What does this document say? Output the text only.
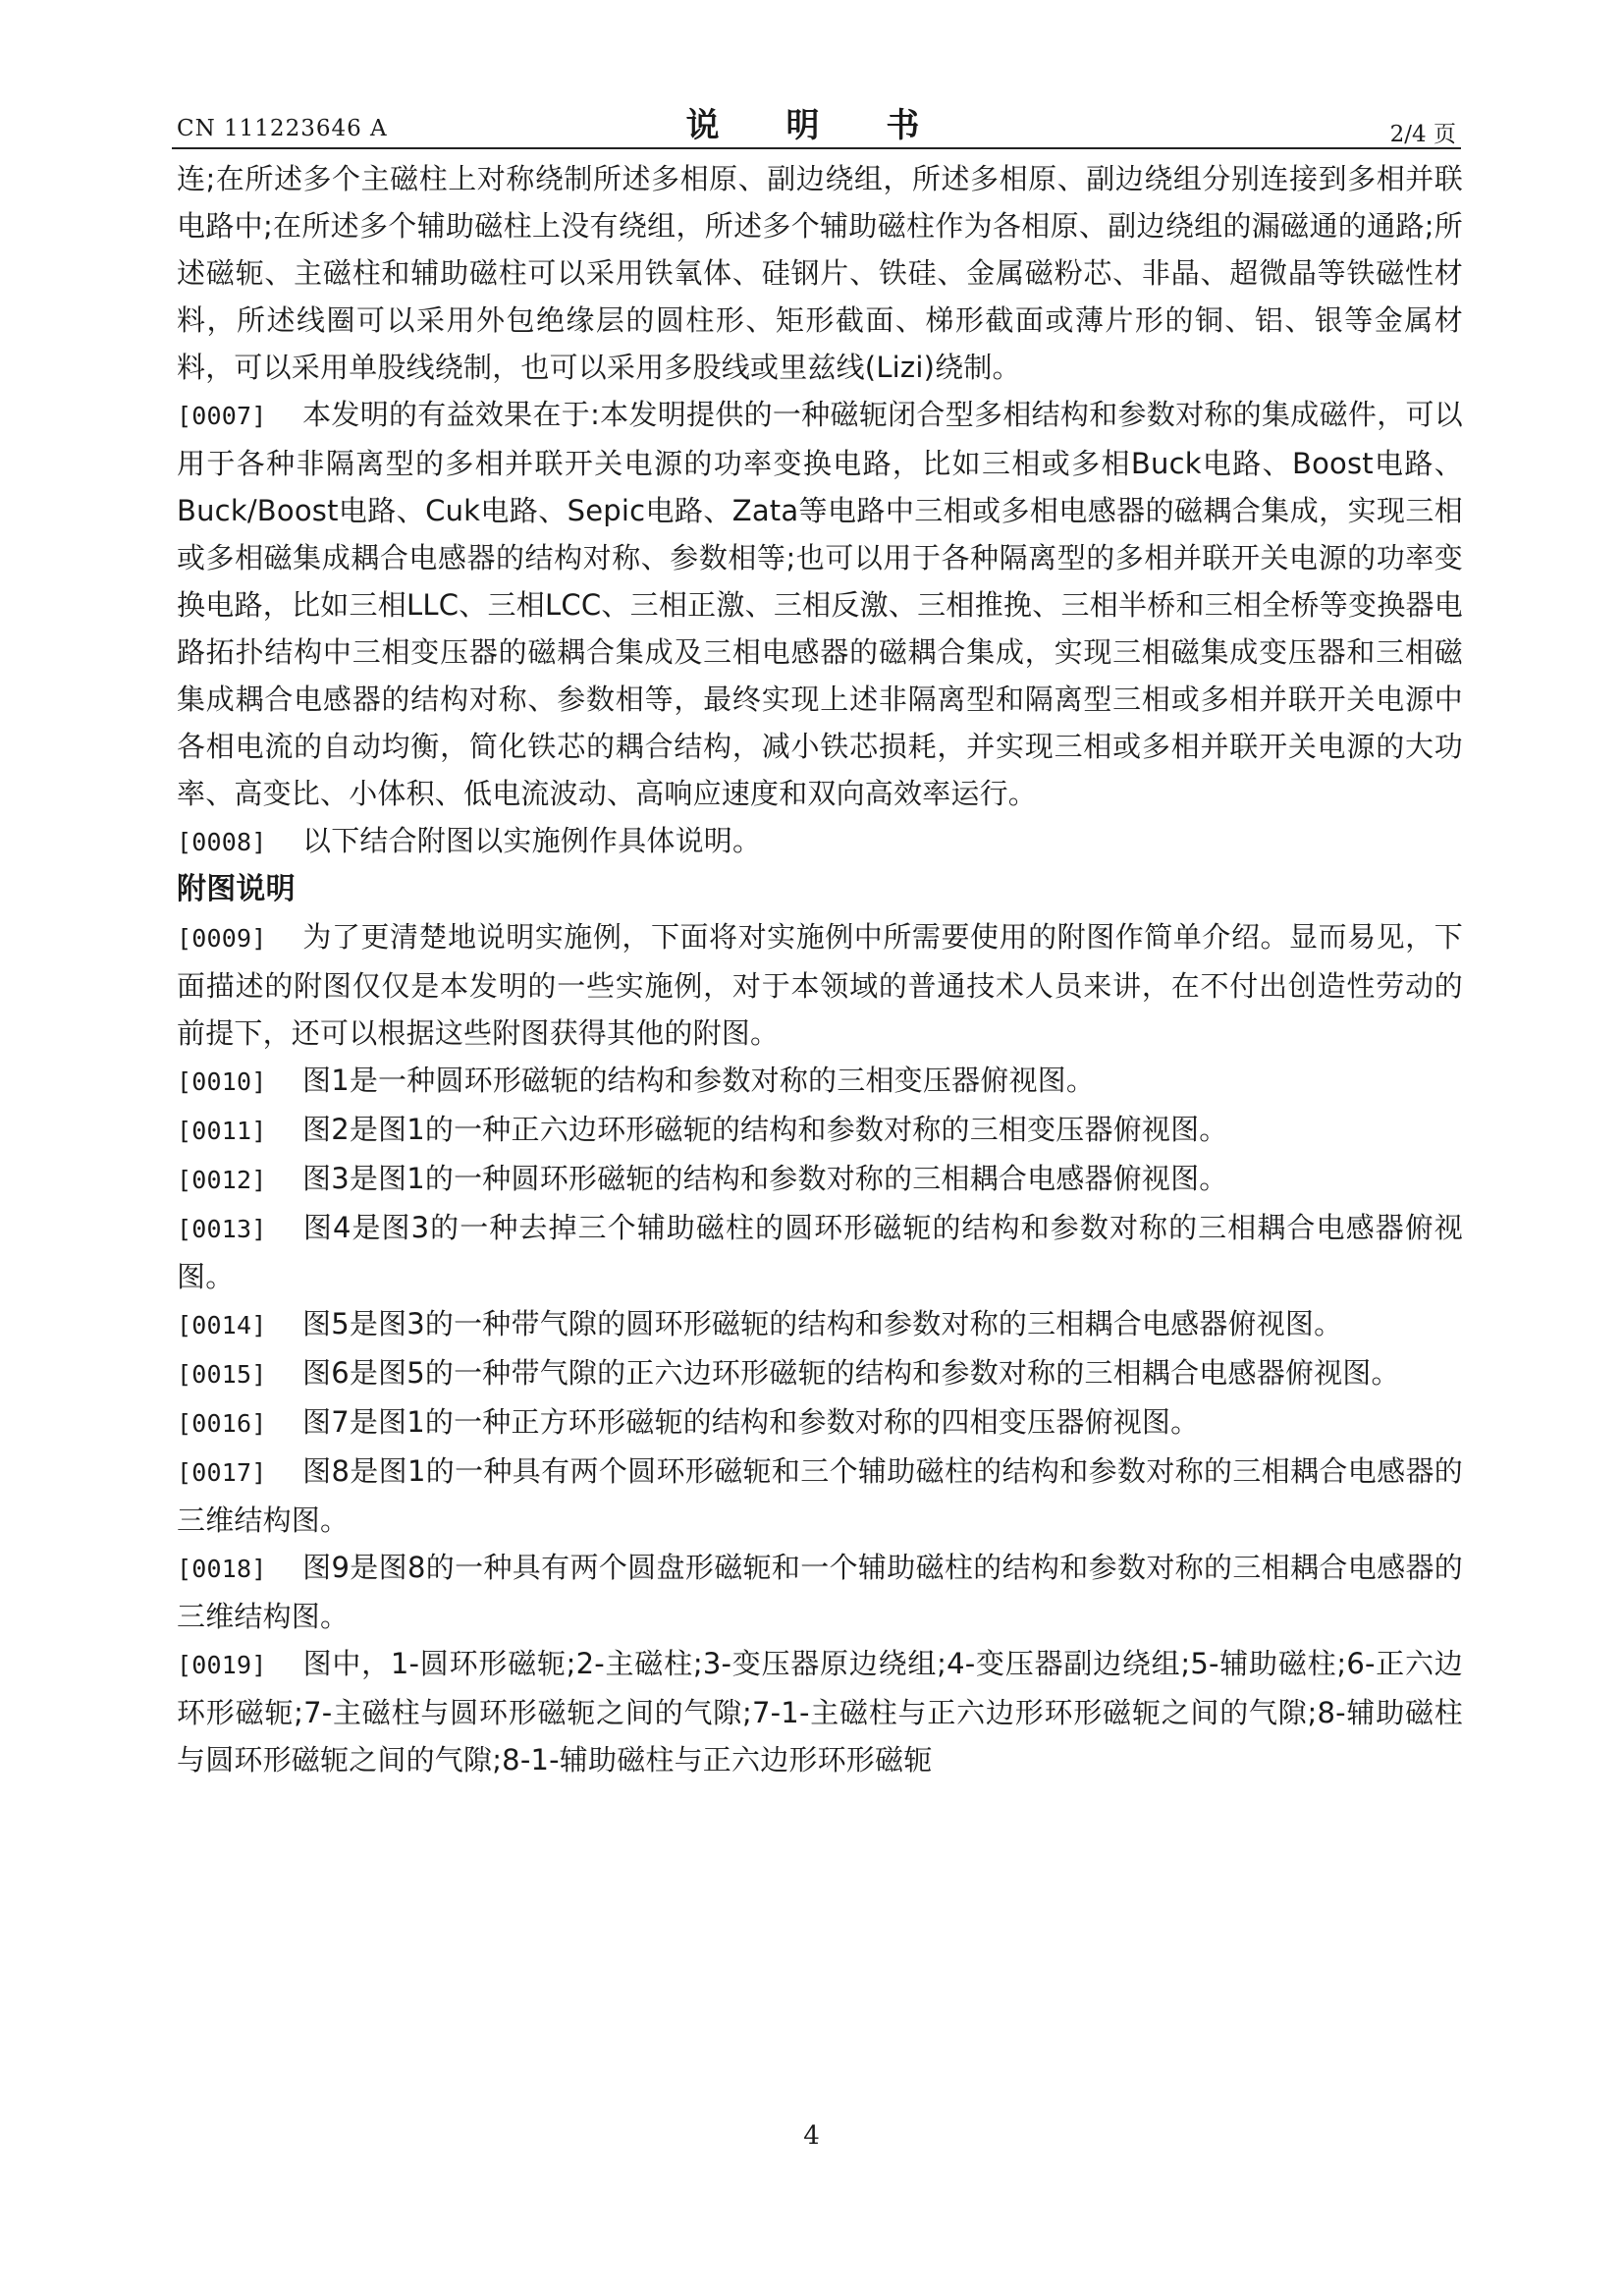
CN 111223646 A	说 明 书	2/4 页

连;在所述多个主磁柱上对称绕制所述多相原、副边绕组，所述多相原、副边绕组分别连接到多相并联电路中;在所述多个辅助磁柱上没有绕组，所述多个辅助磁柱作为各相原、副边绕组的漏磁通的通路;所述磁轭、主磁柱和辅助磁柱可以采用铁氧体、硅钢片、铁硅、金属磁粉芯、非晶、超微晶等铁磁性材料，所述线圈可以采用外包绝缘层的圆柱形、矩形截面、梯形截面或薄片形的铜、铝、银等金属材料，可以采用单股线绕制，也可以采用多股线或里兹线(Lizi)绕制。

[0007] 本发明的有益效果在于:本发明提供的一种磁轭闭合型多相结构和参数对称的集成磁件，可以用于各种非隔离型的多相并联开关电源的功率变换电路，比如三相或多相Buck电路、Boost电路、Buck/Boost电路、Cuk电路、Sepic电路、Zata等电路中三相或多相电感器的磁耦合集成，实现三相或多相磁集成耦合电感器的结构对称、参数相等;也可以用于各种隔离型的多相并联开关电源的功率变换电路，比如三相LLC、三相LCC、三相正激、三相反激、三相推挽、三相半桥和三相全桥等变换器电路拓扑结构中三相变压器的磁耦合集成及三相电感器的磁耦合集成，实现三相磁集成变压器和三相磁集成耦合电感器的结构对称、参数相等，最终实现上述非隔离型和隔离型三相或多相并联开关电源中各相电流的自动均衡，简化铁芯的耦合结构，减小铁芯损耗，并实现三相或多相并联开关电源的大功率、高变比、小体积、低电流波动、高响应速度和双向高效率运行。

[0008] 以下结合附图以实施例作具体说明。

附图说明

[0009] 为了更清楚地说明实施例，下面将对实施例中所需要使用的附图作简单介绍。显而易见，下面描述的附图仅仅是本发明的一些实施例，对于本领域的普通技术人员来讲，在不付出创造性劳动的前提下，还可以根据这些附图获得其他的附图。

[0010] 图1是一种圆环形磁轭的结构和参数对称的三相变压器俯视图。

[0011] 图2是图1的一种正六边环形磁轭的结构和参数对称的三相变压器俯视图。

[0012] 图3是图1的一种圆环形磁轭的结构和参数对称的三相耦合电感器俯视图。

[0013] 图4是图3的一种去掉三个辅助磁柱的圆环形磁轭的结构和参数对称的三相耦合电感器俯视图。

[0014] 图5是图3的一种带气隙的圆环形磁轭的结构和参数对称的三相耦合电感器俯视图。

[0015] 图6是图5的一种带气隙的正六边环形磁轭的结构和参数对称的三相耦合电感器俯视图。

[0016] 图7是图1的一种正方环形磁轭的结构和参数对称的四相变压器俯视图。

[0017] 图8是图1的一种具有两个圆环形磁轭和三个辅助磁柱的结构和参数对称的三相耦合电感器的三维结构图。

[0018] 图9是图8的一种具有两个圆盘形磁轭和一个辅助磁柱的结构和参数对称的三相耦合电感器的三维结构图。

[0019] 图中，1-圆环形磁轭;2-主磁柱;3-变压器原边绕组;4-变压器副边绕组;5-辅助磁柱;6-正六边环形磁轭;7-主磁柱与圆环形磁轭之间的气隙;7-1-主磁柱与正六边形环形磁轭之间的气隙;8-辅助磁柱与圆环形磁轭之间的气隙;8-1-辅助磁柱与正六边形环形磁轭

4
